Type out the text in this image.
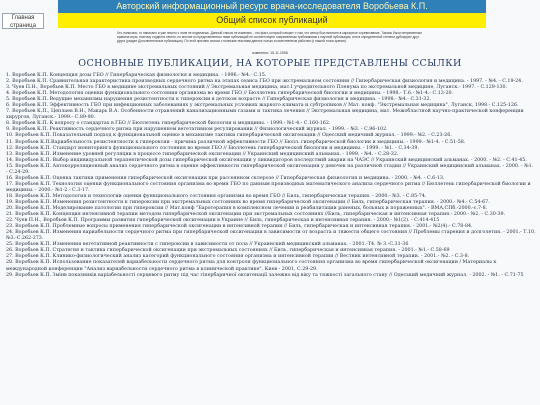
Главная
страница
Авторский информационный ресурс врача-исследователя Воробьева К.П.
Общий список публикаций
Что написано, то написано и уже ничего с этим не поделаешь. Данный список не изменять - это факт, который говорит о том, что автор был включен в карьерное соревнование. Таковы были непременные правила игры; поэтому студента нечего, но многие из представленных ниже публикаций не соответствуют современным требованиям к научной публикации, или в определенной степени дублируют друг друга (раздел Дополнительные публикации). По этой причине списки с полными текстами даются только в качественном рабочем (с нашей точки зрения).
изменено: 15.11.2006
ОСНОВНЫЕ ПУБЛИКАЦИИ, НА КОТОРЫЕ ПРЕДСТАВЛЕНЫ ССЫЛКИ
1. Воробьев К.П. Концепция дозы ГБО // Гипербарическая физиология и медицина. - 1996.- №4.- С.15.
2. Воробьев К.П. Сравнительная характеристика производных сердечного ритма на этапах сеанса ГБО при экстремальном состоянии // Гипербарическая физиология и медицина. - 1997. - №4. - С.19-24.
3. Чуев П.Н., Воробьев К.П. Место ГБО в медицине экстремальных состояний // Экстремальная медицина, мат.I учредительного Пленума по экстремальной медицине, Луганск.- 1997. - С.129-130.
4. Воробьев К.П. Методология оценки функционального состояния организма во время ГБО // Бюллетень гипербарической биологии и медицины. - 1998.- Т.6.- №1-4.- С.13-20.
5. Воробьев К.П. Ведущие механизмы нарушения резистентности к гипероксии в детском возрасте // Гипербарическая физиология и медицина. - 1998.- №4.- С.31-32.
6. Воробьев К.П. Эффективность ГБО при инфекционных заболеваниях у экстремальных условиях жаркого климата и субтропиков // Мат. конф. "Экстремальная медицина", Луганск, 1998.- С.125-126.
7. Воробьев К.П., Цеплаев В.Н., Макарь В.А. Особенности отравлений канализационными газами и тактика лечения // Экстремальная медицина, мат. Межобластной научно-практической конференции хирургов, Луганск.- 1999.- С.89-90.
8. Воробьев К.П. К вопросу о стандартах в ГБО // Бюллетень гипербарической биологии и медицины. - 1999.- №1-4.- С.160-162.
9. Воробьев К.П. Реактивность сердечного ритма при нарушенном вегетативном регулировании // Физиологический журнал. - 1999. - №3. - С.96-102.
10. Воробьев К.П. Показательный подход к функциональной оценке в механизме тактики гипербарической оксигенации // Одесский медичний журнал. - 1999.- №2. - С.23-26.
11. Воробьев К.П.Вариабельность резистентности к гипероксии - причина различной эффективности ГБО // Бюлл. гипербарической биологии и медицины. - 1999.- №1-4. - С.51-58.
12. Воробьев К.П. Стандарт мониторинга функционального состояния во время ГБО // Бюллетень гипербарической биологии и медицины. - 1999. - №1. - С.34-39.
13. Воробьев К.П. Изменение уровней регуляции в процессе гипербарической оксигенации // Украинский медицинский альманах. - 1999. - №4. - С.28-32.
14. Воробьев К.П. Выбор индивидуальной терапевтической дозы гипербарической оксигенации у ликвидаторов последствий аварии на ЧАЭС // Украинский медицинский альманах. - 2000. - №2. - С.41-45.
15. Воробьев К.П. Автокорреляционный анализ сердечного ритма в оценке эффективности гипербарической оксигенации у девочек на различной стадии // Украинский медицинский альманах. - 2000. - №1. - С.24-29.
16. Воробьев К.П. Оценка тактики применения гипербарической оксигенации при рассеянном склерозе // Гипербарическая физиология и медицина. - 2000. - №4. - С.6-13.
17. Воробьев К.П. Технология оценки функционального состояния организма во время ГБО по данным производных математического анализа сердечного ритма // Бюллетень гипербарической биологии и медицины. - 2000.- №1-2.- С.3-17.
18. Воробьев К.П. Методология и технологии оценки функционального состояния организма во время ГБО // Биль, гипербарическая терапия. - 2000.- №3. - С.85-74.
19. Воробьев К.П. Изменения резистентности к гипероксии при экстремальных состояниях во время гипербарической оксигенации // Биль, гипербарическая терапия. - 2000.- №4.- С.54-67.
20. Воробьев К.П. Моделирование патологии при гипероксии // Мат.конф "Баротерапия в комплексном лечении и реабилитации раненых, больных и пораженных". - ВМА,СПб.-2000.-с.7-8.
21. Воробьев К.П. Концепция интенсивной терапии методом гипербарической оксигенации при экстремальных состояниях //Биль, гипербарическая и интенсивная терапия.- 2000.- №2. - С.30-39.
22. Чуев П.Н., Воробьев К.П. Программы развития гипербарической оксигенации в Украине // Биль, гипербарическая и интенсивная терапия. - 2000.- №1(2). - С.414-415
23. Воробьев К.П. Проблемные вопросы применения гипербарической оксигенации в интенсивной терапии // Биль, гипербарическая и интенсивная терапия. - 2001.- №2(4).- С.78-84.
24. Воробьев К.П. Изменения вариабельности сердечного ритма при гипербарической оксигенации в зависимости от возраста и тяжести общего состояния // Проблемы старения и долголетия. - 2001.- Т.10, №3.-С.262-273.
25. Воробьев К.П. Изменения вегетативной реактивности с гипероксии в зависимости от пола // Украинский медицинский альманах. - 2001.-Т4. № 3.-С.31-36
26. Воробьев К.П. Стратегия и тактика гипербарической оксигенации при экстремальных состояниях // Биль, гипербарическая и интенсивная терапия. - 2001.- №1.- С.58-69
27. Воробьев К.П. Клинико-физиологический анализ категорий функционального состояния организма и интенсивной терапии // Вестник интенсивной терапии. - 2001.- №2. - С.3-8.
28. Воробьев К.П. Использование показателей вариабельности сердечного ритма для контроля функционального состояния организма во время гипербарической оксигенации / Материалы к международной конференции "Анализ вариабельности сердечного ритма в клинической практике", Киев - 2001, С.29-29.
29. Воробьев К.П. Змінв показників варіабельності серцевого ритму під час гіпербаричної оксигенації залежно від віку та тяжкості загального стану // Одеський медичний журнал. - 2002. - №1. - С.71-75
